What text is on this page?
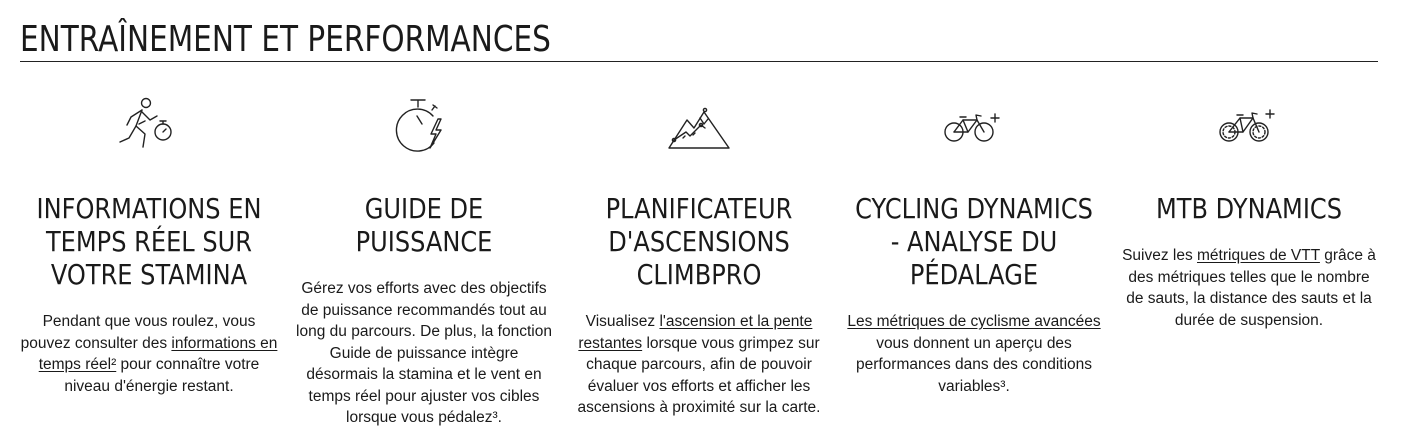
ENTRAÎNEMENT ET PERFORMANCES
INFORMATIONS EN TEMPS RÉEL SUR VOTRE STAMINA
Pendant que vous roulez, vous pouvez consulter des informations en temps réel² pour connaître votre niveau d'énergie restant.
GUIDE DE PUISSANCE
Gérez vos efforts avec des objectifs de puissance recommandés tout au long du parcours. De plus, la fonction Guide de puissance intègre désormais la stamina et le vent en temps réel pour ajuster vos cibles lorsque vous pédalez³.
PLANIFICATEUR D'ASCENSIONS CLIMBPRO
Visualisez l'ascension et la pente restantes lorsque vous grimpez sur chaque parcours, afin de pouvoir évaluer vos efforts et afficher les ascensions à proximité sur la carte.
CYCLING DYNAMICS - ANALYSE DU PÉDALAGE
Les métriques de cyclisme avancées vous donnent un aperçu des performances dans des conditions variables³.
MTB DYNAMICS
Suivez les métriques de VTT grâce à des métriques telles que le nombre de sauts, la distance des sauts et la durée de suspension.
